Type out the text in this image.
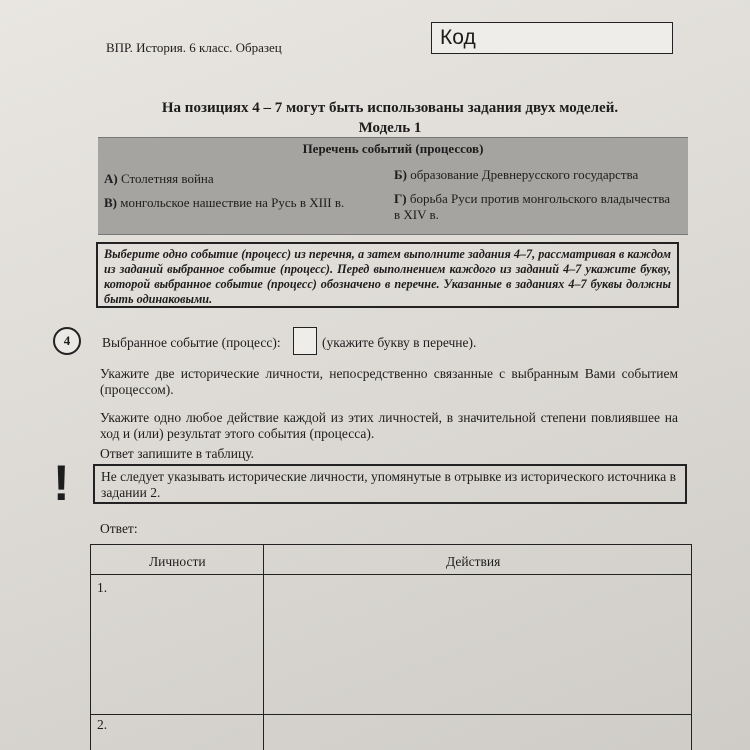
ВПР. История. 6 класс. Образец	Код
На позициях 4 – 7 могут быть использованы задания двух моделей.
Модель 1
Перечень событий (процессов)
А) Столетняя война	Б) образование Древнерусского государства
В) монгольское нашествие на Русь в XIII в.	Г) борьба Руси против монгольского владычества в XIV в.
Выберите одно событие (процесс) из перечня, а затем выполните задания 4–7, рассматривая в каждом из заданий выбранное событие (процесс). Перед выполнением каждого из заданий 4–7 укажите букву, которой выбранное событие (процесс) обозначено в перечне. Указанные в заданиях 4–7 буквы должны быть одинаковыми.
4	Выбранное событие (процесс):	(укажите букву в перечне).
Укажите две исторические личности, непосредственно связанные с выбранным Вами событием (процессом).
Укажите одно любое действие каждой из этих личностей, в значительной степени повлиявшее на ход и (или) результат этого события (процесса).
Ответ запишите в таблицу.
!	Не следует указывать исторические личности, упомянутые в отрывке из исторического источника в задании 2.
Ответ:
Личности	Действия
1.
2.
